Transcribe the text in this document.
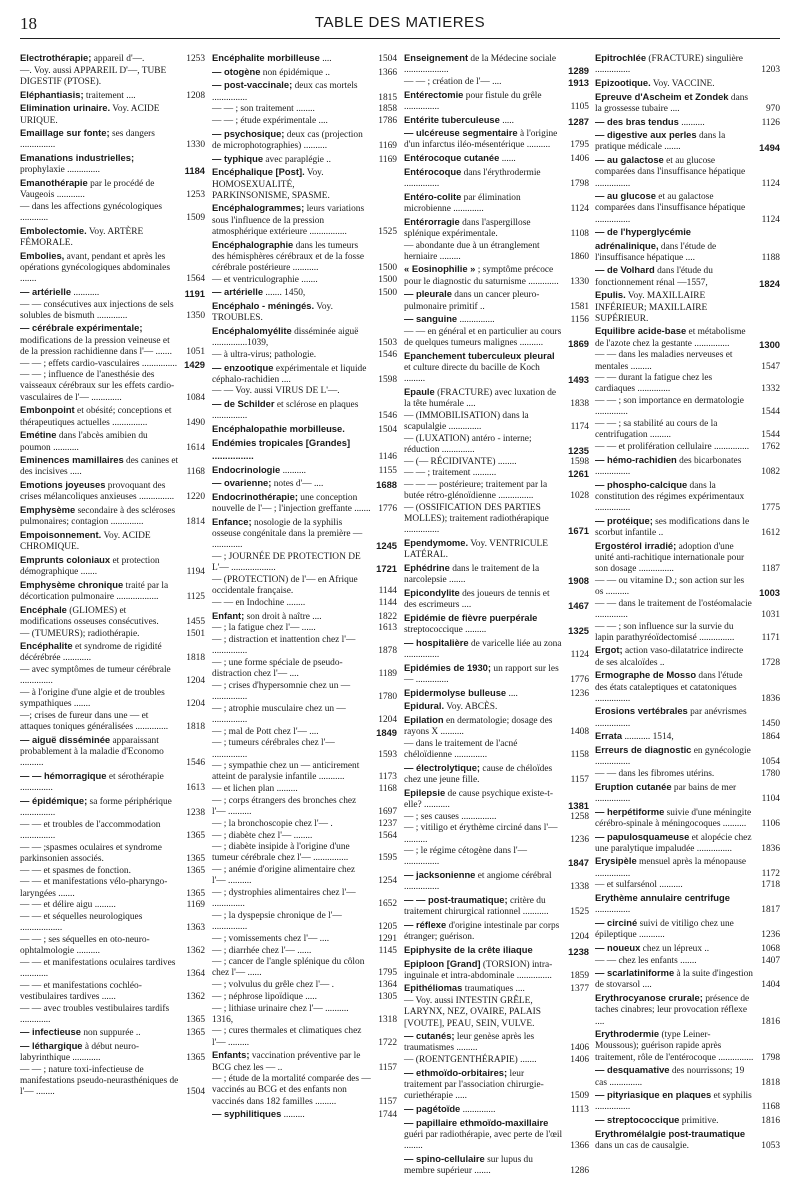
18	TABLE DES MATIERES
Electrothérapie; appareil d'—.	1253
—. Voy. aussi APPAREIL D'—, TUBE DIGESTIF (PTOSE).
Eléphantiasis; traitement ....	1208
Elimination urinaire. Voy. ACIDE URIQUE.
Emaillage sur fonte; ses dangers ...............	1330
Emanations industrielles; prophylaxie ..............	1184
Emanothérapie par le procédé de Vaugeois ............	1253
— dans les affections gynécologiques ............	1509
Embolectomie. Voy. ARTÈRE FÉMORALE.
Embolies, avant, pendant et après les opérations gynécologiques abdominales .......	1564
— artérielle ...........	1191
— — consécutives aux injections de sels solubles de bismuth .............	1350
— cérébrale expérimentale; modifications de la pression veineuse et de la pression rachidienne dans l'— ....... 1051
— — ; effets cardio-vasculaires ............... 1429
— — ; influence de l'anesthésie des vaisseaux cérébraux sur les effets cardio-vasculaires de l'— .............	1084
Embonpoint et obésité; conceptions et thérapeutiques actuelles ...............	1490
Emétine dans l'abcès amibien du poumon ...........	1614
Eminences mamillaires des canines et des incisives .....	1168
Emotions joyeuses provoquant des crises mélancoliques anxieuses ............... 1220
Emphysème secondaire à des scléroses pulmonaires; contagion ..............	1814
Empoisonnement. Voy. ACIDE CHROMIQUE.
Emprunts coloniaux et protection démographique .......	1194
Emphysème chronique traité par la décortication pulmonaire ..................	1125
Encéphale (GLIOMES) et modifications osseuses consécutives.	1455
— (TUMEURS); radiothérapie.	1501
Encéphalite et syndrome de rigidité décérébrée ............	1818
— avec symptômes de tumeur cérébrale ..............	1204
— à l'origine d'une algie et de troubles sympathiques .......	1204
—; crises de fureur dans une — et attaques toniques généralisées .............. 1818
— aiguë disséminée apparaissant probablement à la maladie d'Economo ..........	1546
— — hémorragique et sérothérapie ..............	1613
— épidémique; sa forme périphérique ...............	1238
— — et troubles de l'accommodation ...............	1365
— — ;spasmes oculaires et syndrome parkinsonien associés.	1365
— — et spasmes de fonction.	1365
— — et manifestations vélo-pharyngo-laryngées .......	1365
— — et délire aigu .........	1169
— — et séquelles neurologiques ..................	1363
— — ; ses séquelles en oto-neuro-ophtalmologie ..........	1362
— — et manifestations oculaires tardives ............	1364
— — et manifestations cochléo-vestibulaires tardives ......	1362
— — avec troubles vestibulaires tardifs .............	1365
— infectieuse non suppurée ..	1365
— léthargique à début neuro-labyrinthique ............	1365
— — ; nature toxi-infectieuse de manifestations pseudo-neurasthéniques de l'— ........	1504
Encéphalite morbilleuse ....	1504
— otogène non épidémique ..	1366
— post-vaccinale; deux cas mortels ...............	1815
— — ; son traitement ........	1858
— — ; étude expérimentale ....	1786
— psychosique; deux cas (projection de microphotographies) ..........	1169
— typhique avec paraplégie ..	1169
Encéphalique [Post]. Voy. HOMOSEXUALITÉ, PARKINSONISME, SPASME.
Encéphalogrammes; leurs variations sous l'influence de la pression atmosphérique extérieure ................	1525
Encéphalographie dans les tumeurs des hémisphères cérébraux et de la fosse cérébrale postérieure ...........	1500
— et ventriculographie .......	1500
— artérielle ....... 1450,	1500
Encéphalo - méningés. Voy. TROUBLES.
Encéphalomyélite disséminée aiguë ...............1039,	1503
— à ultra-virus; pathologie.	1546
— enzootique expérimentale et liquide céphalo-rachidien ....	1598
— — Voy. aussi VIRUS DE L'—.
— de Schilder et sclérose en plaques ...............	1546
Encéphalopathie morbilleuse.	1504
Endémies tropicales [Grandes] ................	1146
Endocrinologie ..........	1155
— ovarienne; notes d'— ....	1688
Endocrinothérapie; une conception nouvelle de l'— ; l'injection greffante ....... 1776
Enfance; nosologie de la syphilis osseuse congénitale dans la première — .............	1245
— ; JOURNÉE DE PROTECTION DE L'— ...................	1721
— (PROTECTION) de l'— en Afrique occidentale française.	1144
— — en Indochine ........	1144
Enfant; son droit à naître ....	1822
— ; la fatigue chez l'— ......	1613
— ; distraction et inattention chez l'— ...............	1878
— ; une forme spéciale de pseudo-distraction chez l'— ....	1189
— ; crises d'hypersomnie chez un — ...............	1780
— ; atrophie musculaire chez un — ...............	1204
— ; mal de Pott chez l'— ....	1849
— ; tumeurs cérébrales chez l'— ...............	1593
— ; sympathie chez un — anticirement atteint de paralysie infantile ...........	1173
— et lichen plan .........	1168
— ; corps étrangers des bronches chez l'— ..........	1697
— ; la bronchoscopie chez l'— .	1237
— ; diabète chez l'— ........	1564
— ; diabète insipide à l'origine d'une tumeur cérébrale chez l'— ...............	1595
— ; anémie d'origine alimentaire chez l'— ..........	1254
— ; dystrophies alimentaires chez l'— ..............	1652
— ; la dyspepsie chronique de l'— ...............	1205
— ; vomissements chez l'— ....	1291
— ; diarrhée chez l'— ......	1145
— ; cancer de l'angle splénique du côlon chez l'— ......	1795
— ; volvulus du grêle chez l'— .	1364
— ; néphrose lipoïdique .....	1305
— ; lithiase urinaire chez l'— .......... 1316,	1318
— ; cures thermales et climatiques chez l'— .........	1722
Enfants; vaccination préventive par le BCG chez les — ..	1157
— ; étude de la mortalité comparée des — vaccinés au BCG et des enfants non vaccinés dans 182 familles .........	1157
— syphilitiques .........	1744
Enseignement de la Médecine sociale ...................	1289
— — ; création de l'— ....	1913
Entérectomie pour fistule du grêle ...............	1105
Entérite tuberculeuse .....	1287
— ulcéreuse segmentaire à l'origine d'un infarctus iléo-mésentérique .......... 1795
Entérocoque cutanée ......	1406
Entérocoque dans l'érythrodermie ...............	1798
Entéro-colite par élimination microbienne .............	1124
Entérorragie dans l'aspergillose splénique expérimentale.	1108
— abondante due à un étranglement herniaire .........	1860
« Eosinophilie » ; symptôme précoce pour le diagnostic du saturnisme ............. 1330
— pleurale dans un cancer pleuro-pulmonaire primitif ..	1581
— sanguine ...............	1156
— — en général et en particulier au cours de quelques tumeurs malignes ..........	1869
Epanchement tuberculeux pleural et culture directe du bacille de Koch .........	1493
Epaule (FRACTURE) avec luxation de la tête humérale ....	1838
— (IMMOBILISATION) dans la scapulalgie ..............	1174
— (LUXATION) antéro - interne; réduction ..............	1235
— (— RÉCIDIVANTE) ........	1598
— — ; traitement ..........	1261
— — — postérieure; traitement par la butée rétro-glénoïdienne ...............	1028
— (OSSIFICATION DES PARTIES MOLLES); traitement radiothérapique ...............	1671
Ependymome. Voy. VENTRICULE LATÉRAL.
Ephédrine dans le traitement de la narcolepsie .......	1908
Epicondylite des joueurs de tennis et des escrimeurs ....	1467
Epidémie de fièvre puerpérale streptococcique .........	1325
— hospitalière de varicelle liée au zona ...............	1124
Epidémies de 1930; un rapport sur les — ..............	1776
Epidermolyse bulleuse ....	1236
Epidural. Voy. ABCÈS.
Epilation en dermatologie; dosage des rayons X ..........	1408
— dans le traitement de l'acné chéloïdienne ..............	1158
— électrolytique; cause de chéloïdes chez une jeune fille.	1157
Epilepsie de cause psychique existe-t-elle? ...........	1381
— ; ses causes ...............	1258
— ; vitiligo et érythème circiné dans l'— ..........	1236
— ; le régime cétogène dans l'— ...............	1847
— jacksonienne et angiome cérébral ...............	1338
— — post-traumatique; critère du traitement chirurgical rationnel ........... 1525
— réflexe d'origine intestinale par corps étranger; guérison.	1204
Epiphysite de la crête iliaque	1238
Epiploon [Grand] (TORSION) intra-inguinale et intra-abdominale ............... 1859
Epithéliomas traumatiques ....	1377
— Voy. aussi INTESTIN GRÊLE, LARYNX, NEZ, OVAIRE, PALAIS [VOUTE], PEAU, SEIN, VULVE.
— cutanés; leur genèse après les traumatismes .........	1406
— (ROENTGENTHÉRAPIE) .......	1406
— ethmoïdo-orbitaires; leur traitement par l'association chirurgie-curiethérapie .....	1509
— pagétoïde ..............	1113
— papillaire ethmoïdo-maxillaire guéri par radiothérapie, avec perte de l'œil ........	1366
— spino-cellulaire sur lupus du membre supérieur .......	1286
Epitrochlée (FRACTURE) singulière ...............	1203
Epizootique. Voy. VACCINE.
Epreuve d'Ascheim et Zondek dans la grossesse tubaire ....	970
— des bras tendus ..........	1126
— digestive aux perles dans la pratique médicale .......	1494
— au galactose et au glucose comparées dans l'insuffisance hépatique ...............	1124
— au glucose et au galactose comparées dans l'insuffisance hépatique ...............	1124
— de l'hyperglycémie adrénalinique, dans l'étude de l'insuffisance hépatique ....	1188
— de Volhard dans l'étude du fonctionnement rénal —1557,	1824
Epulis. Voy. MAXILLAIRE INFÉRIEUR; MAXILLAIRE SUPÉRIEUR.
Equilibre acide-base et métabolisme de l'azote chez la gestante ...............	1300
— — dans les maladies nerveuses et mentales .........	1547
— — durant la fatigue chez les cardiaques ..............	1332
— — ; son importance en dermatologie ..............	1544
— — ; sa stabilité au cours de la centrifugation .........	1544
— — et prolifération cellulaire ............... 1762
— hémo-rachidien des bicarbonates ...............	1082
— phospho-calcique dans la constitution des régimes expérimentaux ...............	1775
— protéique; ses modifications dans le scorbut infantile ..	1612
Ergostérol irradié; adoption d'une unité anti-rachitique internationale pour son dosage ...............	1187
— — ou vitamine D.; son action sur les os ..........	1003
— — dans le traitement de l'ostéomalacie ..............	1031
— — ; son influence sur la survie du lapin parathyréoïdectomisé ...............	1171
Ergot; action vaso-dilatatrice indirecte de ses alcaloïdes ..	1728
Ermographe de Mosso dans l'étude des états cataleptiques et catatoniques ...............	1836
Erosions vertébrales par anévrismes ...............	1450
Errata ........... 1514,	1864
Erreurs de diagnostic en gynécologie ...............	1054
— — dans les fibromes utérins.	1780
Eruption cutanée par bains de mer ...............	1104
— herpétiforme suivie d'une méningite cérébro-spinale à méningocoques .......... 1106
— papulosquameuse et alopécie chez une paralytique impaludée ...............	1836
Erysipèle mensuel après la ménopause ...............	1172
— et sulfarsénol ..........	1718
Erythème annulaire centrifuge ...............	1817
— circiné suivi de vitiligo chez une épileptique ...........	1236
— noueux chez un lépreux ..	1068
— — chez les enfants .......	1407
— scarlatiniforme à la suite d'ingestion de stovarsol ....	1404
Erythrocyanose crurale; présence de taches cinabres; leur provocation réflexe ....	1816
Erythrodermie (type Leiner-Moussous); guérison rapide après traitement, rôle de l'entérocoque ............... 1798
— desquamative des nourrissons; 19 cas ..............	1818
— pityriasique en plaques et syphilis ...............	1168
— streptococcique primitive.	1816
Erythromélalgie post-traumatique dans un cas de causalgie.	1053
